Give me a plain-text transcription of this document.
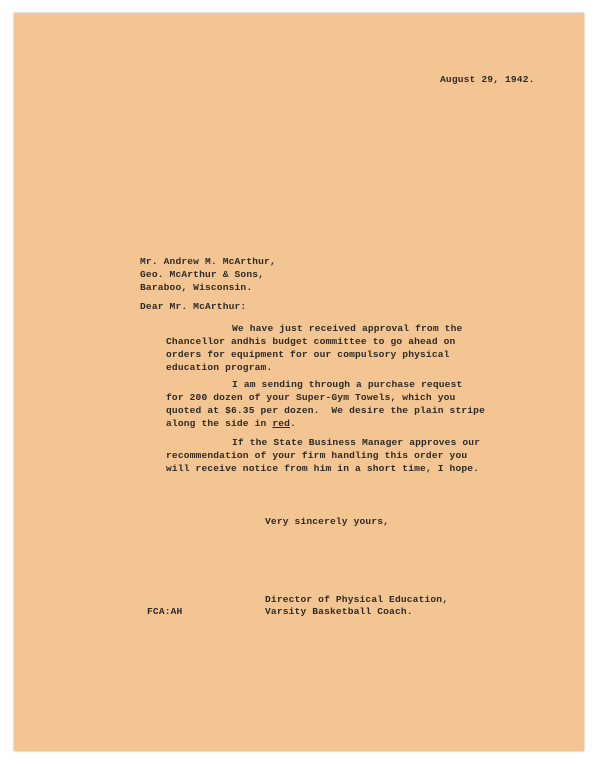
August 29, 1942.
Mr. Andrew M. McArthur,
Geo. McArthur & Sons,
Baraboo, Wisconsin.
Dear Mr. McArthur:
We have just received approval from the
Chancellor andhis budget committee to go ahead on
orders for equipment for our compulsory physical
education program.
I am sending through a purchase request
for 200 dozen of your Super-Gym Towels, which you
quoted at $6.35 per dozen.  We desire the plain stripe
along the side in red.
If the State Business Manager approves our
recommendation of your firm handling this order you
will receive notice from him in a short time, I hope.
Very sincerely yours,
Director of Physical Education,
Varsity Basketball Coach.
FCA:AH
